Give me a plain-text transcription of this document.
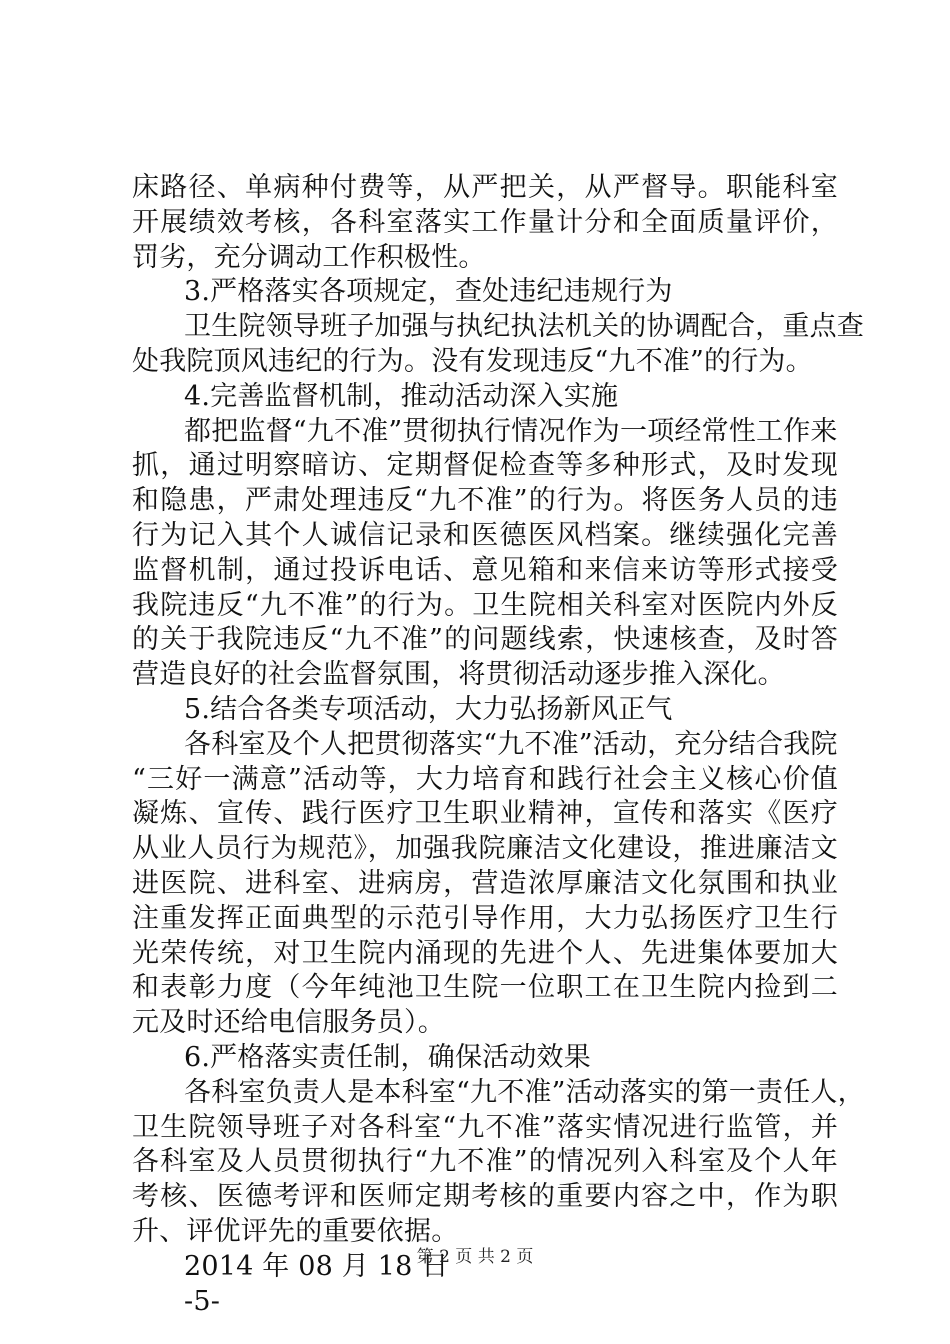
床路径、单病种付费等，从严把关，从严督导。职能科室
开展绩效考核，各科室落实工作量计分和全面质量评价，
罚劣，充分调动工作积极性。
3.严格落实各项规定，查处违纪违规行为
卫生院领导班子加强与执纪执法机关的协调配合，重点查
处我院顶风违纪的行为。没有发现违反“九不准”的行为。
4.完善监督机制，推动活动深入实施
都把监督“九不准”贯彻执行情况作为一项经常性工作来
抓，通过明察暗访、定期督促检查等多种形式，及时发现
和隐患，严肃处理违反“九不准”的行为。将医务人员的违
行为记入其个人诚信记录和医德医风档案。继续强化完善
监督机制，通过投诉电话、意见箱和来信来访等形式接受
我院违反“九不准”的行为。卫生院相关科室对医院内外反
的关于我院违反“九不准”的问题线索，快速核查，及时答
营造良好的社会监督氛围，将贯彻活动逐步推入深化。
5.结合各类专项活动，大力弘扬新风正气
各科室及个人把贯彻落实“九不准”活动，充分结合我院
“三好一满意”活动等，大力培育和践行社会主义核心价值
凝炼、宣传、践行医疗卫生职业精神，宣传和落实《医疗
从业人员行为规范》，加强我院廉洁文化建设，推进廉洁文
进医院、进科室、进病房，营造浓厚廉洁文化氛围和执业
注重发挥正面典型的示范引导作用，大力弘扬医疗卫生行
光荣传统，对卫生院内涌现的先进个人、先进集体要加大
和表彰力度（今年纯池卫生院一位职工在卫生院内捡到二
元及时还给电信服务员）。
6.严格落实责任制，确保活动效果
各科室负责人是本科室“九不准”活动落实的第一责任人，
卫生院领导班子对各科室“九不准”落实情况进行监管，并
各科室及人员贯彻执行“九不准”的情况列入科室及个人年
考核、医德考评和医师定期考核的重要内容之中，作为职
升、评优评先的重要依据。
2014 年 08 月 18 日
-5-
第 2 页 共 2 页
